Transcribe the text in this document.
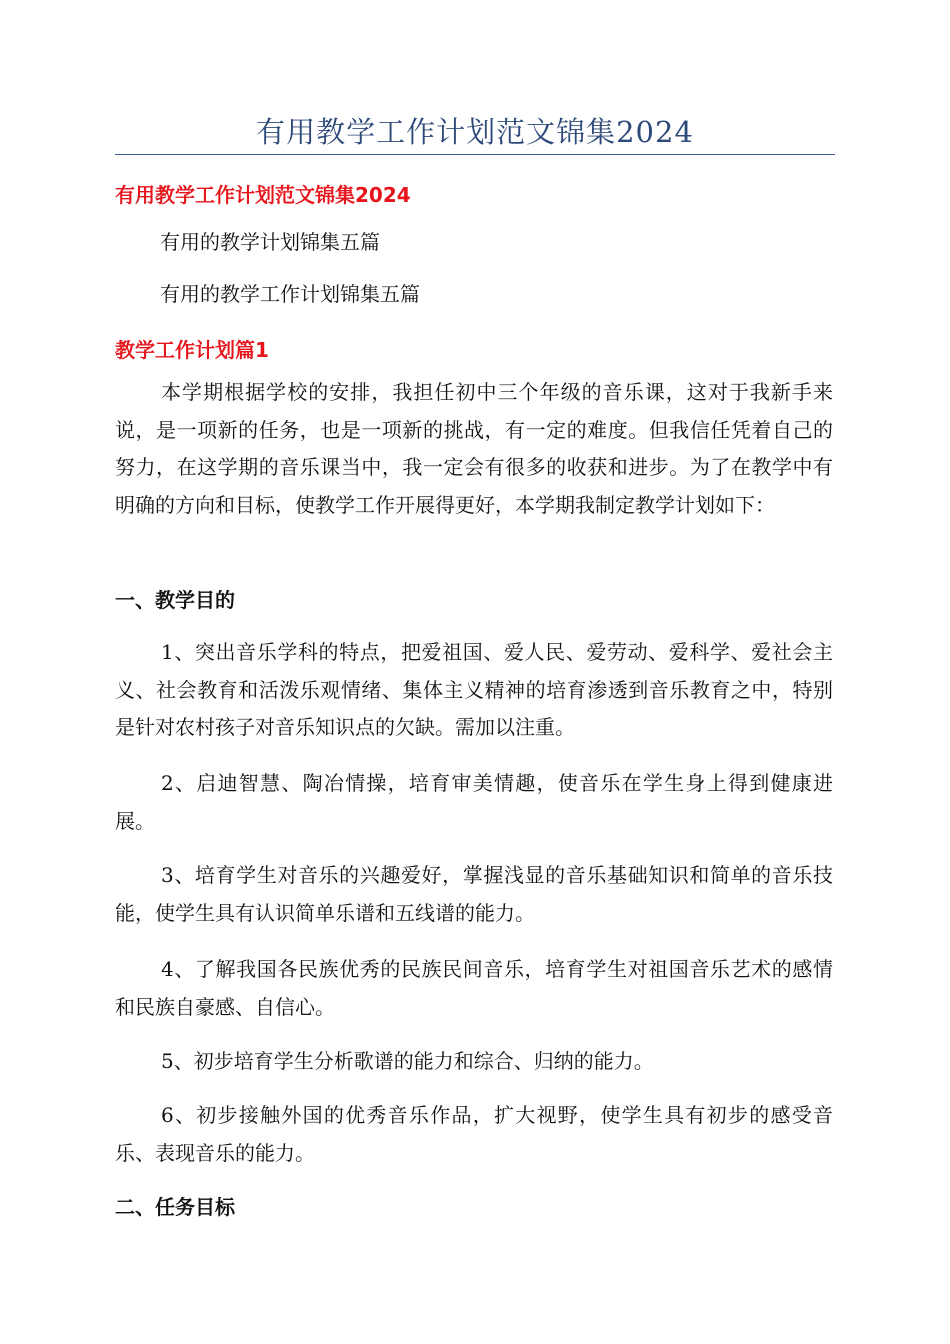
有用教学工作计划范文锦集2024
有用教学工作计划范文锦集2024
有用的教学计划锦集五篇
有用的教学工作计划锦集五篇
教学工作计划篇1

本学期根据学校的安排，我担任初中三个年级的音乐课，这对于我新手来说，是一项新的任务，也是一项新的挑战，有一定的难度。但我信任凭着自己的努力，在这学期的音乐课当中，我一定会有很多的收获和进步。为了在教学中有明确的方向和目标，使教学工作开展得更好，本学期我制定教学计划如下：

一、教学目的

1、突出音乐学科的特点，把爱祖国、爱人民、爱劳动、爱科学、爱社会主义、社会教育和活泼乐观情绪、集体主义精神的培育渗透到音乐教育之中，特别是针对农村孩子对音乐知识点的欠缺。需加以注重。

2、启迪智慧、陶冶情操，培育审美情趣，使音乐在学生身上得到健康进展。

3、培育学生对音乐的兴趣爱好，掌握浅显的音乐基础知识和简单的音乐技能，使学生具有认识简单乐谱和五线谱的能力。

4、了解我国各民族优秀的民族民间音乐，培育学生对祖国音乐艺术的感情和民族自豪感、自信心。

5、初步培育学生分析歌谱的能力和综合、归纳的能力。

6、初步接触外国的优秀音乐作品，扩大视野，使学生具有初步的感受音乐、表现音乐的能力。

二、任务目标
